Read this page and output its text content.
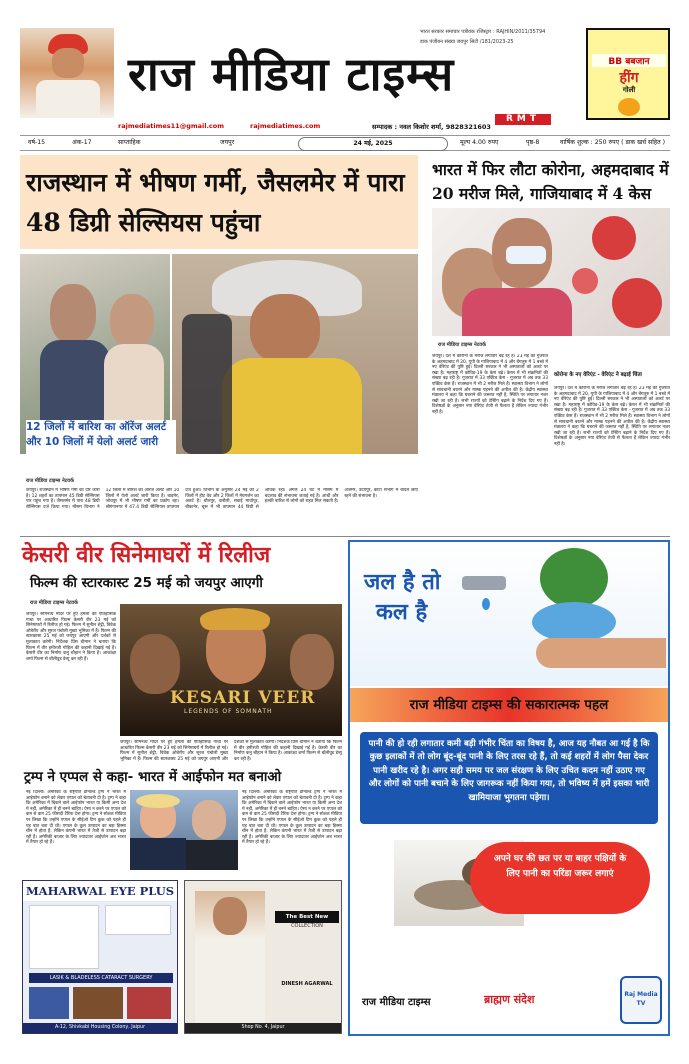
भारत सरकार समाचार पत्रीयक रजिस्ट्रार : RAJHIN/2011/35794
डाक पंजीयन संख्या जयपुर सिटी /181/2023-25
राज मीडिया टाइम्स
RMT
BB बबजान
हींग
गोली
rajmediatimes11@gmail.com	rajmediatimes.com	सम्पादक : नवल किशोर शर्मा, 9828321603
वर्ष-15	अंक-17	साप्ताहिक	जयपुर	24 मई, 2025	मूल्य 4.00 रुपए	पृष्ठ-8	वार्षिक शुल्क : 250 रुपए ( डाक खर्च सहित )
राजस्थान में भीषण गर्मी, जैसलमेर में पारा 48 डिग्री सेल्सियस पहुंचा
12 जिलों में बारिश का ऑरेंज अलर्ट और 10 जिलों में येलो अलर्ट जारी
राज मीडिया टाइम्स नेटवर्क
जयपुर। राजस्थान में भीषण गर्मी का दौर जारी है। 12 शहरों का तापमान 45 डिग्री सेल्सियस पार पहुंच गया है। जैसलमेर में पारा 48 डिग्री सेल्सियस दर्ज किया गया। मौसम विभाग ने 12 जिलों में बारिश का ऑरेंज अलर्ट और 10 जिलों में येलो अलर्ट जारी किया है। बाड़मेर, जोधपुर में भी भीषण गर्मी का प्रकोप रहा। श्रीगंगानगर में 47.4 डिग्री सेल्सियस तापमान दर्ज हुआ। विभाग के अनुसार 24 मई को 2 जिलों में हीट वेव और 2 जिलों में मेघगर्जन का अलर्ट है। धौलपुर, करौली, सवाई माधोपुर, बीकानेर, चूरू में भी तापमान 44 डिग्री से अधिक रहा। अगले 24 घंटे में मौसम में बदलाव की संभावना जताई गई है। आंधी और हल्की बारिश से लोगों को राहत मिल सकती है। अजमेर, उदयपुर, कोटा संभाग में बादल छाए रहने की संभावना है।
भारत में फिर लौटा कोरोना, अहमदाबाद में 20 मरीज मिले, गाजियाबाद में 4 केस
राज मीडिया टाइम्स नेटवर्क
जयपुर। देश में कोरोना के मरीज लगातार बढ़ रहे हैं। 23 मई को गुजरात के अहमदाबाद में 20, यूपी के गाजियाबाद में 4 और बेंगलुरु में 1 बच्चे में नए वेरिएंट की पुष्टि हुई। दिल्ली सरकार ने भी अस्पतालों को अलर्ट पर रखा है। महाराष्ट्र में कोविड-19 के केस बढ़े। केरल में भी संक्रमितों की संख्या बढ़ रही है। गुजरात में 33 एक्टिव केस - गुजरात में अब तक 33 एक्टिव केस हैं। राजस्थान में भी 2 मरीज मिले हैं। स्वास्थ्य विभाग ने लोगों से सावधानी बरतने और मास्क पहनने की अपील की है। केंद्रीय स्वास्थ्य मंत्रालय ने कहा कि घबराने की जरूरत नहीं है, स्थिति पर लगातार नजर रखी जा रही है। सभी राज्यों को टेस्टिंग बढ़ाने के निर्देश दिए गए हैं। विशेषज्ञों के अनुसार नया वेरिएंट तेजी से फैलता है लेकिन ज्यादा गंभीर नहीं है।
कोरोना के नए वेरिएंट - वेरिएंट ने बढ़ाई चिंता
जयपुर। देश में कोरोना के मरीज लगातार बढ़ रहे हैं। 23 मई को गुजरात के अहमदाबाद में 20, यूपी के गाजियाबाद में 4 और बेंगलुरु में 1 बच्चे में नए वेरिएंट की पुष्टि हुई। दिल्ली सरकार ने भी अस्पतालों को अलर्ट पर रखा है। महाराष्ट्र में कोविड-19 के केस बढ़े। केरल में भी संक्रमितों की संख्या बढ़ रही है। गुजरात में 33 एक्टिव केस - गुजरात में अब तक 33 एक्टिव केस हैं। राजस्थान में भी 2 मरीज मिले हैं। स्वास्थ्य विभाग ने लोगों से सावधानी बरतने और मास्क पहनने की अपील की है। केंद्रीय स्वास्थ्य मंत्रालय ने कहा कि घबराने की जरूरत नहीं है, स्थिति पर लगातार नजर रखी जा रही है। सभी राज्यों को टेस्टिंग बढ़ाने के निर्देश दिए गए हैं। विशेषज्ञों के अनुसार नया वेरिएंट तेजी से फैलता है लेकिन ज्यादा गंभीर नहीं है।
केसरी वीर सिनेमाघरों में रिलीज
फिल्म की स्टारकास्ट 25 मई को जयपुर आएगी
राज मीडिया टाइम्स नेटवर्क
जयपुर। सोमनाथ मंदिर पर हुए हमलों की ऐतिहासिक गाथा पर आधारित फिल्म केसरी वीर 23 मई को सिनेमाघरों में रिलीज हो गई। फिल्म में सुनील शेट्टी, विवेक ओबेरॉय और सूरज पंचोली मुख्य भूमिका में हैं। फिल्म की स्टारकास्ट 25 मई को जयपुर आएगी और दर्शकों से मुलाकात करेगी। निर्देशक प्रिंस धीमान ने बताया कि फिल्म में वीर हमीरजी गोहिल की कहानी दिखाई गई है। केसरी वीर का निर्माण कनु चौहान ने किया है। आकांक्षा शर्मा फिल्म से बॉलीवुड डेब्यू कर रही हैं।
KESARI VEER
LEGENDS OF SOMNATH
जयपुर। सोमनाथ मंदिर पर हुए हमलों की ऐतिहासिक गाथा पर आधारित फिल्म केसरी वीर 23 मई को सिनेमाघरों में रिलीज हो गई। फिल्म में सुनील शेट्टी, विवेक ओबेरॉय और सूरज पंचोली मुख्य भूमिका में हैं। फिल्म की स्टारकास्ट 25 मई को जयपुर आएगी और दर्शकों से मुलाकात करेगी। निर्देशक प्रिंस धीमान ने बताया कि फिल्म में वीर हमीरजी गोहिल की कहानी दिखाई गई है। केसरी वीर का निर्माण कनु चौहान ने किया है। आकांक्षा शर्मा फिल्म से बॉलीवुड डेब्यू कर रही हैं।
ट्रम्प ने एप्पल से कहा- भारत में आईफोन मत बनाओ
नई दिल्ली। अमेरिका के राष्ट्रपति डोनाल्ड ट्रम्प ने भारत में आईफोन बनाने को लेकर एप्पल को चेतावनी दी है। ट्रम्प ने कहा कि अमेरिका में बिकने वाले आईफोन भारत या किसी अन्य देश में नहीं, अमेरिका में ही बनने चाहिए। ऐसा न करने पर एप्पल को कम से कम 25 फीसदी टैरिफ देना होगा। ट्रम्प ने सोशल मीडिया पर लिखा कि उन्होंने एप्पल के सीईओ टिम कुक को पहले ही यह बात बता दी थी। एप्पल के कुल उत्पादन का बड़ा हिस्सा चीन में होता है, लेकिन कंपनी भारत में तेजी से उत्पादन बढ़ा रही है। अमेरिकी बाजार के लिए ज्यादातर आईफोन अब भारत में तैयार हो रहे हैं।
नई दिल्ली। अमेरिका के राष्ट्रपति डोनाल्ड ट्रम्प ने भारत में आईफोन बनाने को लेकर एप्पल को चेतावनी दी है। ट्रम्प ने कहा कि अमेरिका में बिकने वाले आईफोन भारत या किसी अन्य देश में नहीं, अमेरिका में ही बनने चाहिए। ऐसा न करने पर एप्पल को कम से कम 25 फीसदी टैरिफ देना होगा। ट्रम्प ने सोशल मीडिया पर लिखा कि उन्होंने एप्पल के सीईओ टिम कुक को पहले ही यह बात बता दी थी। एप्पल के कुल उत्पादन का बड़ा हिस्सा चीन में होता है, लेकिन कंपनी भारत में तेजी से उत्पादन बढ़ा रही है। अमेरिकी बाजार के लिए ज्यादातर आईफोन अब भारत में तैयार हो रहे हैं।
MAHARWAL EYE PLUS
LASIK & BLADELESS CATARACT SURGERY
A-12, Shivkabi Housing Colony, Jaipur
The Best New
COLLECTION
DINESH AGARWAL
Shop No. 4, Jaipur
जल है तो
कल है
राज मीडिया टाइम्स की सकारात्मक पहल
पानी की हो रही लगातार कमी बड़ी गंभीर चिंता का विषय है, आज यह नौबत आ गई है कि कुछ इलाकों में तो लोग बूंद-बूंद पानी के लिए तरस रहे हैं, तो कई शहरों में लोग पैसा देकर पानी खरीद रहे है। अगर सही समय पर जल संरक्षण के लिए उचित कदम नहीं उठाए गए और लोगों को पानी बचाने के लिए जागरूक नहीं किया गया, तो भविष्य में हमें इसका भारी खामियाजा भुगतना पड़ेगा।
अपने घर की छत पर या बाहर पक्षियों के लिए पानी का परिंडा जरूर लगाएं
राज मीडिया टाइम्स	ब्राह्मण संदेश	Raj Media TV
